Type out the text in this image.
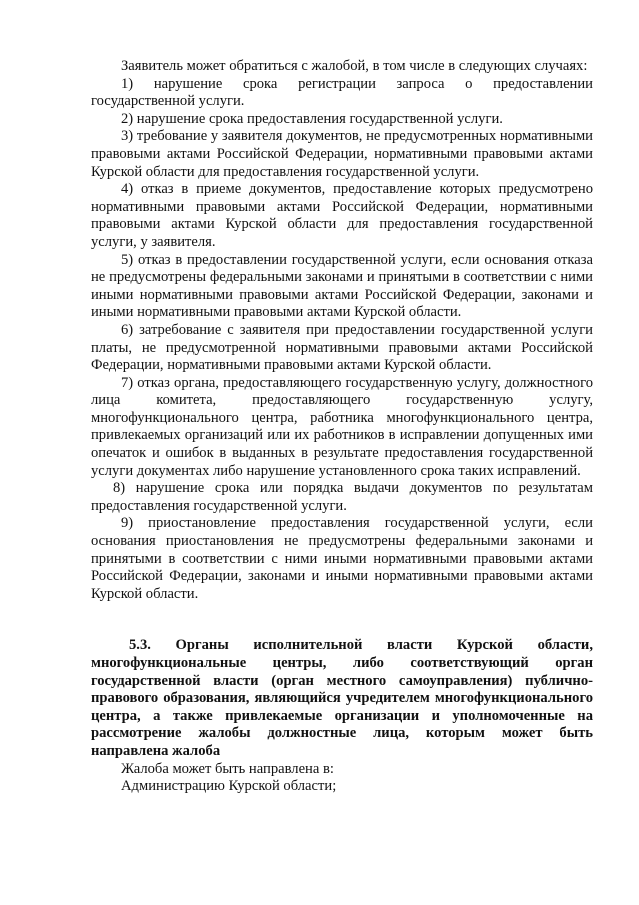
Заявитель может обратиться с жалобой, в том числе в следующих случаях:

1) нарушение срока регистрации запроса о предоставлении государственной услуги.

2) нарушение срока предоставления государственной услуги.

3) требование у заявителя документов, не предусмотренных нормативными правовыми актами Российской Федерации, нормативными правовыми актами Курской области для предоставления государственной услуги.

4) отказ в приеме документов, предоставление которых предусмотрено нормативными правовыми актами Российской Федерации, нормативными правовыми актами Курской области для предоставления государственной услуги, у заявителя.

5) отказ в предоставлении государственной услуги, если основания отказа не предусмотрены федеральными законами и принятыми в соответствии с ними иными нормативными правовыми актами Российской Федерации, законами и иными нормативными правовыми актами Курской области.

6) затребование с заявителя при предоставлении государственной услуги платы, не предусмотренной нормативными правовыми актами Российской Федерации, нормативными правовыми актами Курской области.

7) отказ органа, предоставляющего государственную услугу, должностного лица комитета, предоставляющего государственную услугу, многофункционального центра, работника многофункционального центра, привлекаемых организаций или их работников в исправлении допущенных ими опечаток и ошибок в выданных в результате предоставления государственной услуги документах либо нарушение установленного срока таких исправлений.

8) нарушение срока или порядка выдачи документов по результатам предоставления государственной услуги.

9) приостановление предоставления государственной услуги, если основания приостановления не предусмотрены федеральными законами и принятыми в соответствии с ними иными нормативными правовыми актами Российской Федерации, законами и иными нормативными правовыми актами Курской области.

5.3. Органы исполнительной власти Курской области, многофункциональные центры, либо соответствующий орган государственной власти (орган местного самоуправления) публично-правового образования, являющийся учредителем многофункционального центра, а также привлекаемые организации и уполномоченные на рассмотрение жалобы должностные лица, которым может быть направлена жалоба

Жалоба может быть направлена в:

Администрацию Курской области;
